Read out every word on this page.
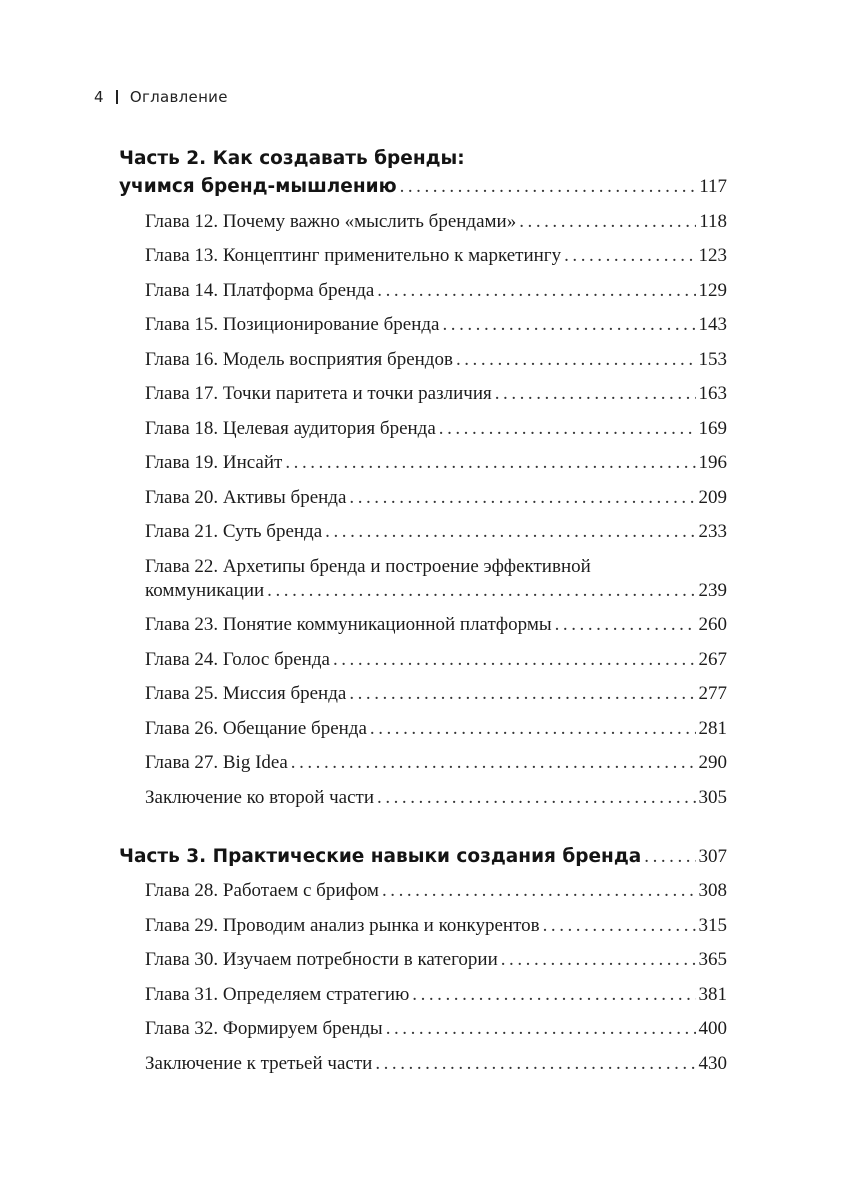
4 Оглавление
Часть 2. Как создавать бренды:
учимся бренд-мышлению . . .	117
Глава 12. Почему важно «мыслить брендами» . . .	118
Глава 13. Концептинг применительно к маркетингу . . .	123
Глава 14. Платформа бренда . . .	129
Глава 15. Позиционирование бренда . . .	143
Глава 16. Модель восприятия брендов . . .	153
Глава 17. Точки паритета и точки различия . . .	163
Глава 18. Целевая аудитория бренда . . .	169
Глава 19. Инсайт . . .	196
Глава 20. Активы бренда . . .	209
Глава 21. Суть бренда . . .	233
Глава 22. Архетипы бренда и построение эффективной
коммуникации . . .	239
Глава 23. Понятие коммуникационной платформы . . .	260
Глава 24. Голос бренда . . .	267
Глава 25. Миссия бренда . . .	277
Глава 26. Обещание бренда . . .	281
Глава 27. Big Idea . . .	290
Заключение ко второй части . . .	305
Часть 3. Практические навыки создания бренда . . .	307
Глава 28. Работаем с брифом . . .	308
Глава 29. Проводим анализ рынка и конкурентов . . .	315
Глава 30. Изучаем потребности в категории . . .	365
Глава 31. Определяем стратегию . . .	381
Глава 32. Формируем бренды . . .	400
Заключение к третьей части . . .	430
